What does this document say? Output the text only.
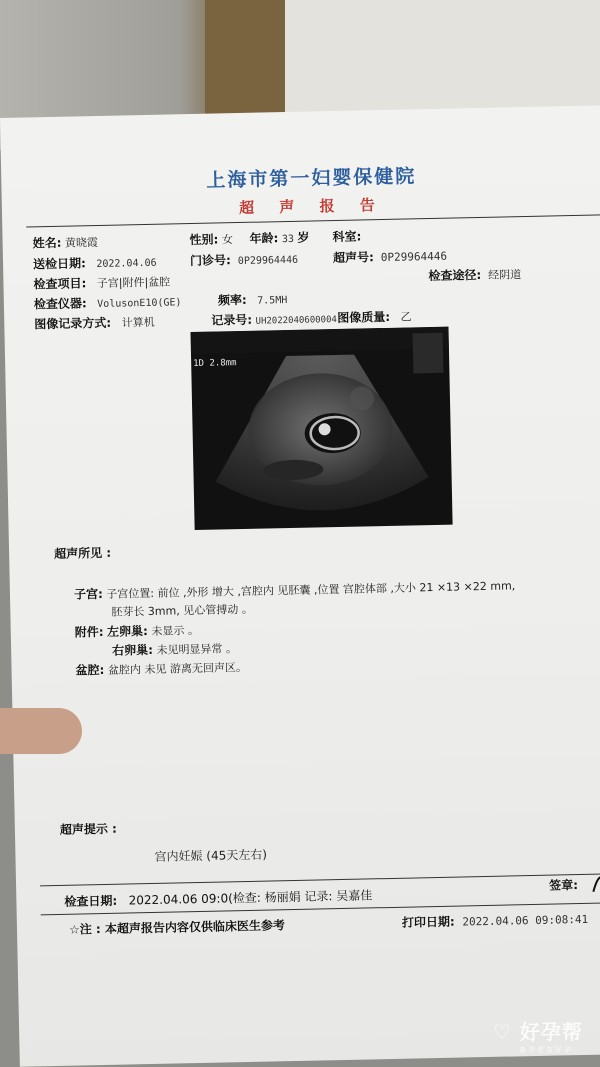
上海市第一妇婴保健院
超 声 报 告
姓名: 黄晓霞	性别: 女 年龄: 33 岁 科室:
送检日期: 2022.04.06	门诊号: 0P29964446	超声号: 0P29964446
检查项目: 子宫|附件|盆腔	检查途径: 经阴道
检查仪器: VolusonE10(GE)	频率: 7.5MH
图像记录方式: 计算机	记录号: UH2022040600004 图像质量: 乙
1D 2.8mm
超声所见 :
子宫: 子宫位置: 前位 ,外形 增大 ,宫腔内 见胚囊 ,位置 宫腔体部 ,大小 21 ×13 ×22 mm,
胚芽长 3mm, 见心管搏动 。
附件: 左卵巢: 未显示 。
右卵巢: 未见明显异常 。
盆腔: 盆腔内 未见 游离无回声区。
超声提示 :
宫内妊娠 (45天左右)
检查日期: 2022.04.06 09:0(检查: 杨丽娟 记录: 吴嘉佳
签章:
☆注 : 本超声报告内容仅供临床医生参考	打印日期: 2022.04.06 09:08:41
♡ 好孕帮
备孕老友好孕
